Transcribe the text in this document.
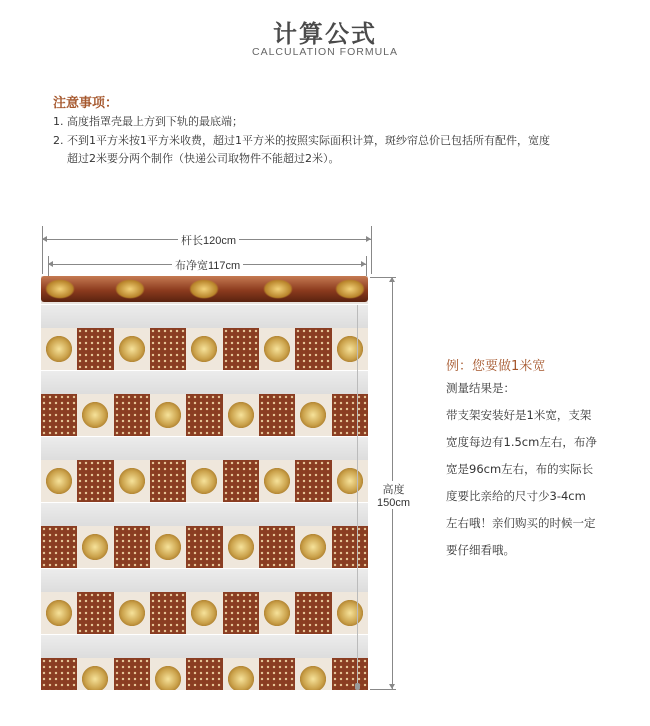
计算公式
CALCULATION FORMULA
注意事项：
1. 高度指罩壳最上方到下轨的最底端；
2. 不到1平方米按1平方米收费，超过1平方米的按照实际面积计算，斑纱帘总价已包括所有配件，宽度
超过2米要分两个制作（快递公司取物件不能超过2米）。
杆长120cm
布净宽117cm
高度
150cm
例：您要做1米宽
测量结果是：
带支架安装好是1米宽，支架
宽度每边有1.5cm左右，布净
宽是96cm左右，布的实际长
度要比亲给的尺寸少3-4cm
左右哦！亲们购买的时候一定
要仔细看哦。
